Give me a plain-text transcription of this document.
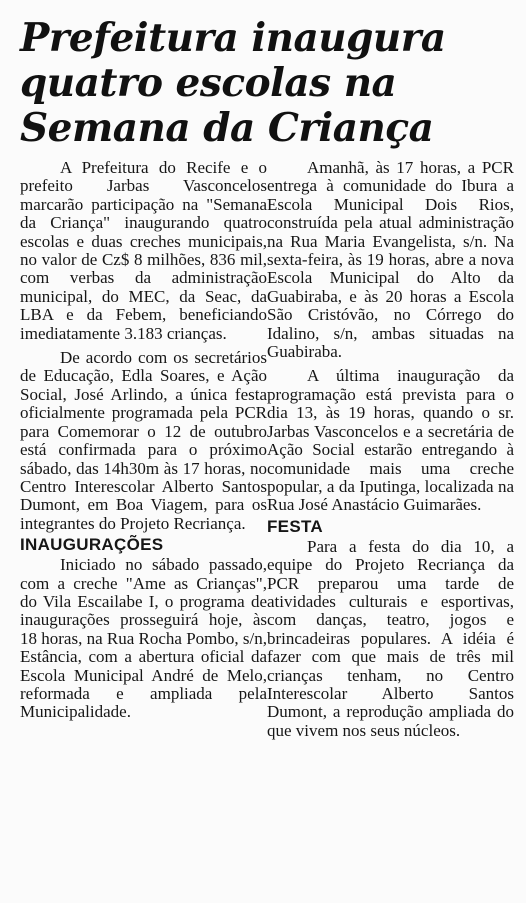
Prefeitura inaugura
quatro escolas na
Semana da Criança

A Prefeitura do Recife e o prefeito Jarbas Vasconcelos marcarão participação na "Semana da Criança" inaugurando quatro escolas e duas creches municipais, no valor de Cz$ 8 milhões, 836 mil, com verbas da administração municipal, do MEC, da Seac, da LBA e da Febem, beneficiando imediatamente 3.183 crianças.

De acordo com os secretários de Educação, Edla Soares, e Ação Social, José Arlindo, a única festa oficialmente programada pela PCR para Comemorar o 12 de outubro está confirmada para o próximo sábado, das 14h30m às 17 horas, no Centro Interescolar Alberto Santos Dumont, em Boa Viagem, para os integrantes do Projeto Recriança.

INAUGURAÇÕES

Iniciado no sábado passado, com a creche "Ame as Crianças", do Vila Escailabe I, o programa de inaugurações prosseguirá hoje, às 18 horas, na Rua Rocha Pombo, s/n, Estância, com a abertura oficial da Escola Municipal André de Melo, reformada e ampliada pela Municipalidade.

Amanhã, às 17 horas, a PCR entrega à comunidade do Ibura a Escola Municipal Dois Rios, construída pela atual administração na Rua Maria Evangelista, s/n. Na sexta-feira, às 19 horas, abre a nova Escola Municipal do Alto da Guabiraba, e às 20 horas a Escola São Cristóvão, no Córrego do Idalino, s/n, ambas situadas na Guabiraba.

A última inauguração da programação está prevista para o dia 13, às 19 horas, quando o sr. Jarbas Vasconcelos e a secretária de Ação Social estarão entregando à comunidade mais uma creche popular, a da Iputinga, localizada na Rua José Anastácio Guimarães.

FESTA

Para a festa do dia 10, a equipe do Projeto Recriança da PCR preparou uma tarde de atividades culturais e esportivas, com danças, teatro, jogos e brincadeiras populares. A idéia é fazer com que mais de três mil crianças tenham, no Centro Interescolar Alberto Santos Dumont, a reprodução ampliada do que vivem nos seus núcleos.
